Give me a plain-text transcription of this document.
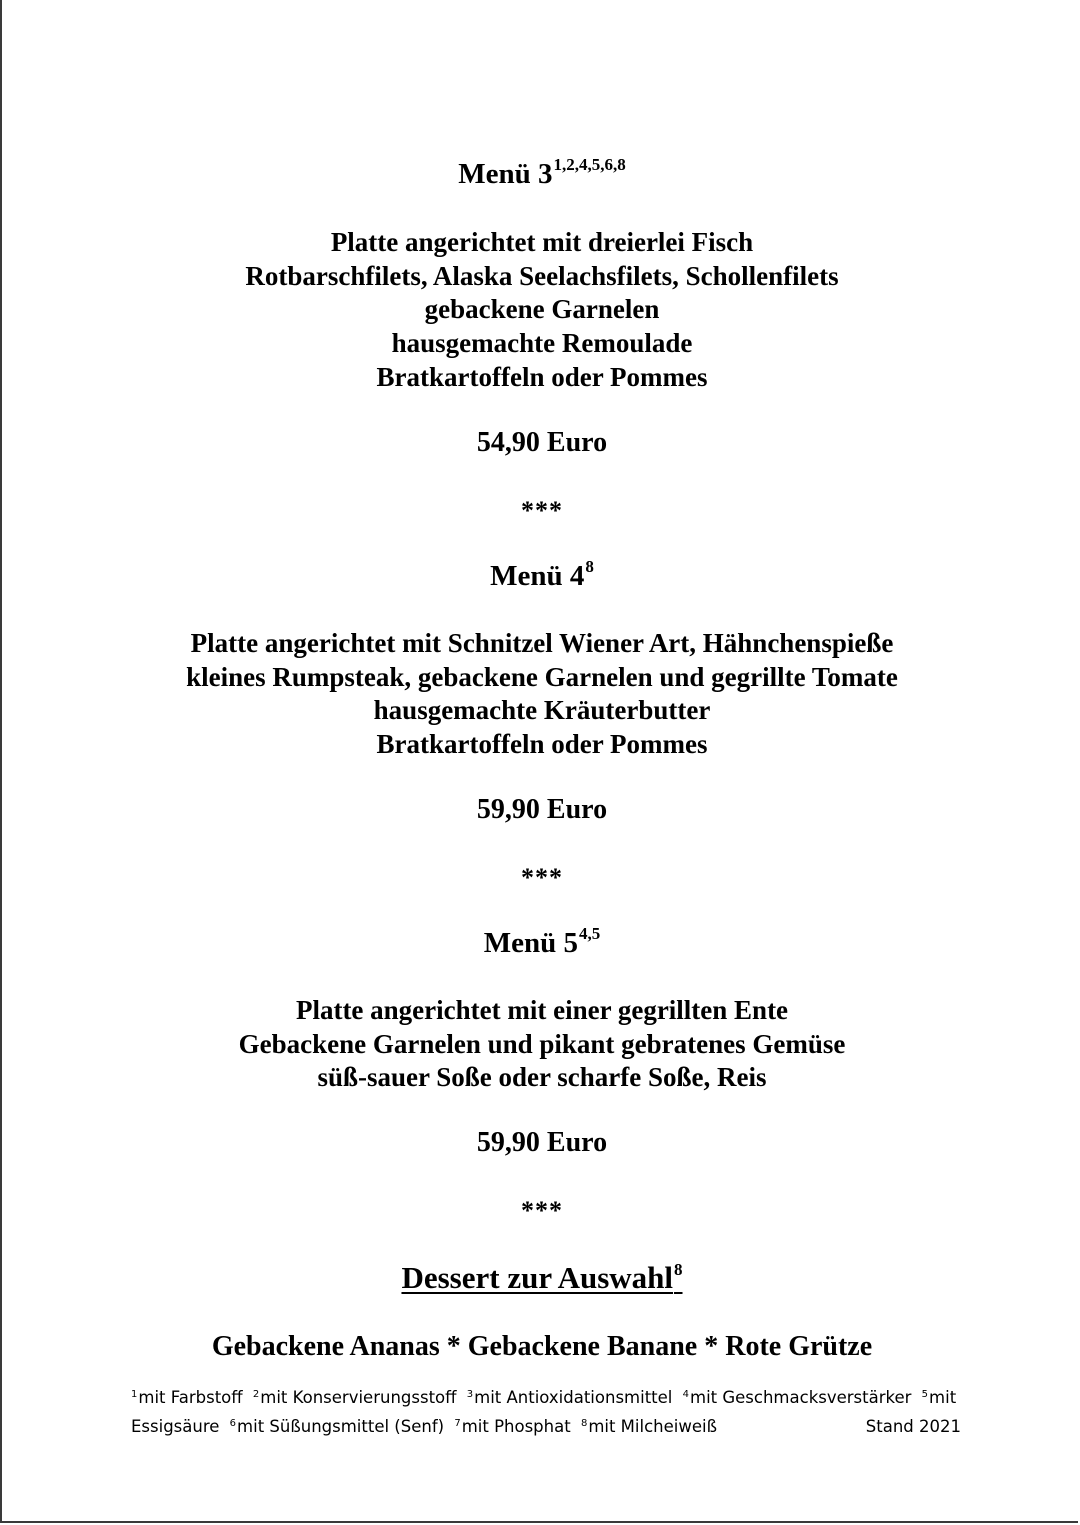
Menü 3$^{1,2,4,5,6,8}$
Platte angerichtet mit dreierlei Fisch
Rotbarschfilets, Alaska Seelachsfilets, Schollenfilets
gebackene Garnelen
hausgemachte Remoulade
Bratkartoffeln oder Pommes
54,90 Euro
***
Menü $4^8$
Platte angerichtet mit Schnitzel Wiener Art, Hähnchenspieße
kleines Rumpsteak, gebackene Garnelen und gegrillte Tomate
hausgemachte Kräuterbutter
Bratkartoffeln oder Pommes
59,90 Euro
***
Menü 5$^{4,5}$
Platte angerichtet mit einer gegrillten Ente
Gebackene Garnelen und pikant gebratenes Gemüse
süß-sauer Soße oder scharfe Soße, Reis
59,90 Euro
***
Dessert zur Auswahl$^8$
Gebackene Ananas * Gebackene Banane * Rote Grütze
$^1$mit Farbstoff $^2$mit Konservierungsstoff $^3$mit Antioxidationsmittel $^4$mit Geschmacksverstärker $^5$mit
Essigsäure $^6$mit Süßungsmittel (Senf) $^7$mit Phosphat $^8$mit Milcheiweiß	Stand 2021
